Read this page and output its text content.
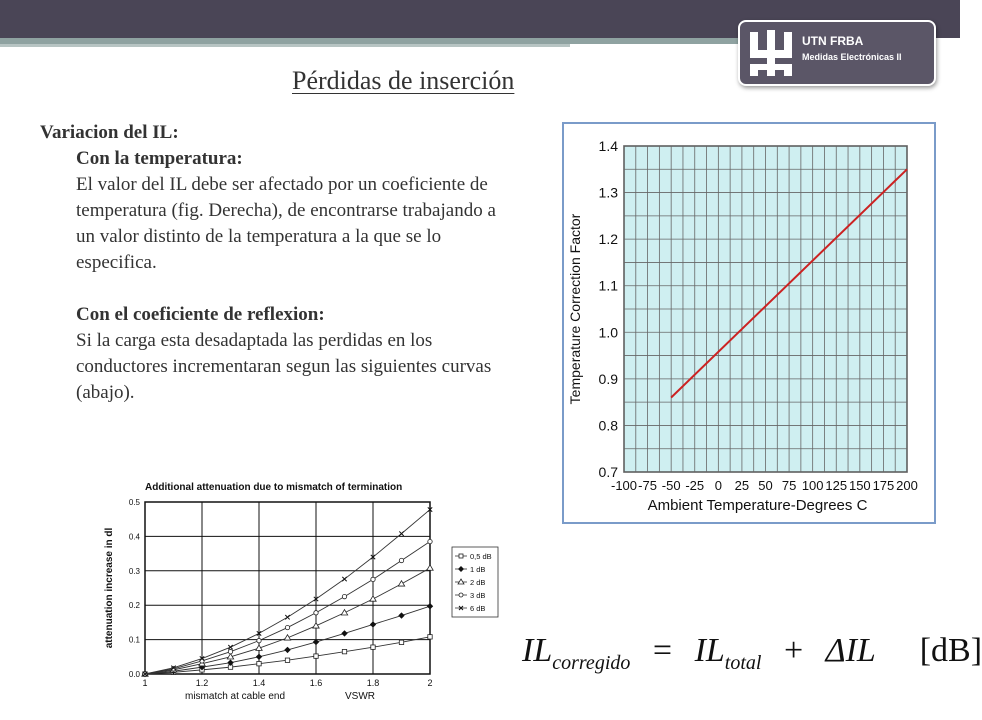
UTN FRBA
Medidas Electrónicas II
Pérdidas de inserción
Variacion del IL:
Con la temperatura:
El valor del IL debe ser afectado por un coeficiente de temperatura (fig. Derecha), de encontrarse trabajando a un valor distinto de la temperatura a la que se lo especifica.
Con el coeficiente de reflexion:
Si la carga esta desadaptada las perdidas en los conductores incrementaran segun las siguientes curvas (abajo).
0.7
0.8
0.9
1.0
1.1
1.2
1.3
1.4
-100 -75 -50 -25 0 25 50 75 100 125 150 175 200
Ambient Temperature-Degrees C
Temperature Correction Factor
Additional attenuation due to mismatch of termination
0.0
0.1
0.2
0.3
0.4
0.5
1	1.2	1.4	1.6	1.8	2
mismatch at cable end	VSWR
attenuation increase in dl	0,5 dB
1 dB
2 dB
3 dB
6 dB
$IL_{corregido} = IL_{total} + \Delta IL$ [dB]
